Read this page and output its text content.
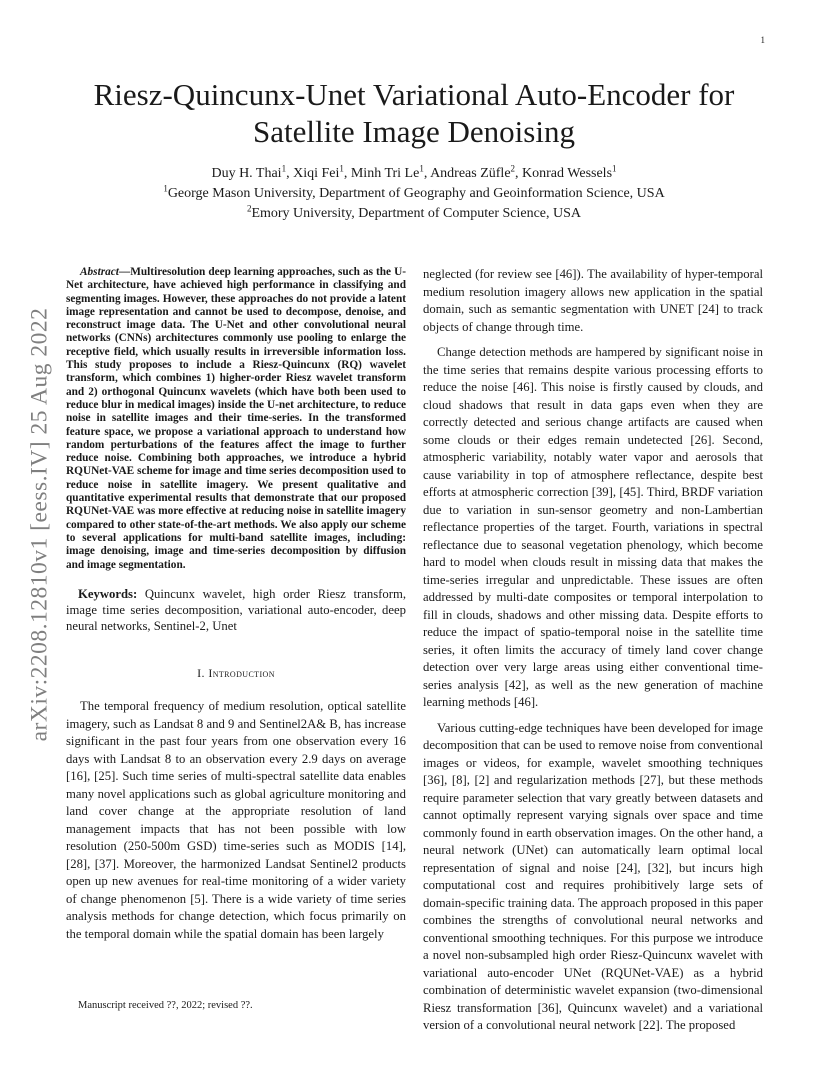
1
arXiv:2208.12810v1 [eess.IV] 25 Aug 2022
Riesz-Quincunx-Unet Variational Auto-Encoder for Satellite Image Denoising
Duy H. Thai$^1$, Xiqi Fei$^1$, Minh Tri Le$^1$, Andreas Züfle$^2$, Konrad Wessels$^1$
$^1$George Mason University, Department of Geography and Geoinformation Science, USA
$^2$Emory University, Department of Computer Science, USA

Abstract—Multiresolution deep learning approaches, such as the U-Net architecture, have achieved high performance in classifying and segmenting images. However, these approaches do not provide a latent image representation and cannot be used to decompose, denoise, and reconstruct image data. The U-Net and other convolutional neural networks (CNNs) architectures commonly use pooling to enlarge the receptive field, which usually results in irreversible information loss. This study proposes to include a Riesz-Quincunx (RQ) wavelet transform, which combines 1) higher-order Riesz wavelet transform and 2) orthogonal Quincunx wavelets (which have both been used to reduce blur in medical images) inside the U-net architecture, to reduce noise in satellite images and their time-series. In the transformed feature space, we propose a variational approach to understand how random perturbations of the features affect the image to further reduce noise. Combining both approaches, we introduce a hybrid RQUNet-VAE scheme for image and time series decomposition used to reduce noise in satellite imagery. We present qualitative and quantitative experimental results that demonstrate that our proposed RQUNet-VAE was more effective at reducing noise in satellite imagery compared to other state-of-the-art methods. We also apply our scheme to several applications for multi-band satellite images, including: image denoising, image and time-series decomposition by diffusion and image segmentation.

Keywords: Quincunx wavelet, high order Riesz transform, image time series decomposition, variational auto-encoder, deep neural networks, Sentinel-2, Unet
I. Introduction

The temporal frequency of medium resolution, optical satellite imagery, such as Landsat 8 and 9 and Sentinel2A& B, has increase significant in the past four years from one observation every 16 days with Landsat 8 to an observation every 2.9 days on average [16], [25]. Such time series of multi-spectral satellite data enables many novel applications such as global agriculture monitoring and land cover change at the appropriate resolution of land management impacts that has not been possible with low resolution (250-500m GSD) time-series such as MODIS [14], [28], [37]. Moreover, the harmonized Landsat Sentinel2 products open up new avenues for real-time monitoring of a wider variety of change phenomenon [5]. There is a wide variety of time series analysis methods for change detection, which focus primarily on the temporal domain while the spatial domain has been largely

neglected (for review see [46]). The availability of hyper-temporal medium resolution imagery allows new application in the spatial domain, such as semantic segmentation with UNET [24] to track objects of change through time.

Change detection methods are hampered by significant noise in the time series that remains despite various processing efforts to reduce the noise [46]. This noise is firstly caused by clouds, and cloud shadows that result in data gaps even when they are correctly detected and serious change artifacts are caused when some clouds or their edges remain undetected [26]. Second, atmospheric variability, notably water vapor and aerosols that cause variability in top of atmosphere reflectance, despite best efforts at atmospheric correction [39], [45]. Third, BRDF variation due to variation in sun-sensor geometry and non-Lambertian reflectance properties of the target. Fourth, variations in spectral reflectance due to seasonal vegetation phenology, which become hard to model when clouds result in missing data that makes the time-series irregular and unpredictable. These issues are often addressed by multi-date composites or temporal interpolation to fill in clouds, shadows and other missing data. Despite efforts to reduce the impact of spatio-temporal noise in the satellite time series, it often limits the accuracy of timely land cover change detection over very large areas using either conventional time-series analysis [42], as well as the new generation of machine learning methods [46].

Various cutting-edge techniques have been developed for image decomposition that can be used to remove noise from conventional images or videos, for example, wavelet smoothing techniques [36], [8], [2] and regularization methods [27], but these methods require parameter selection that vary greatly between datasets and cannot optimally represent varying signals over space and time commonly found in earth observation images. On the other hand, a neural network (UNet) can automatically learn optimal local representation of signal and noise [24], [32], but incurs high computational cost and requires prohibitively large sets of domain-specific training data. The approach proposed in this paper combines the strengths of convolutional neural networks and conventional smoothing techniques. For this purpose we introduce a novel non-subsampled high order Riesz-Quincunx wavelet with variational auto-encoder UNet (RQUNet-VAE) as a hybrid combination of deterministic wavelet expansion (two-dimensional Riesz transformation [36], Quincunx wavelet) and a variational version of a convolutional neural network [22]. The proposed

Manuscript received ??, 2022; revised ??.
